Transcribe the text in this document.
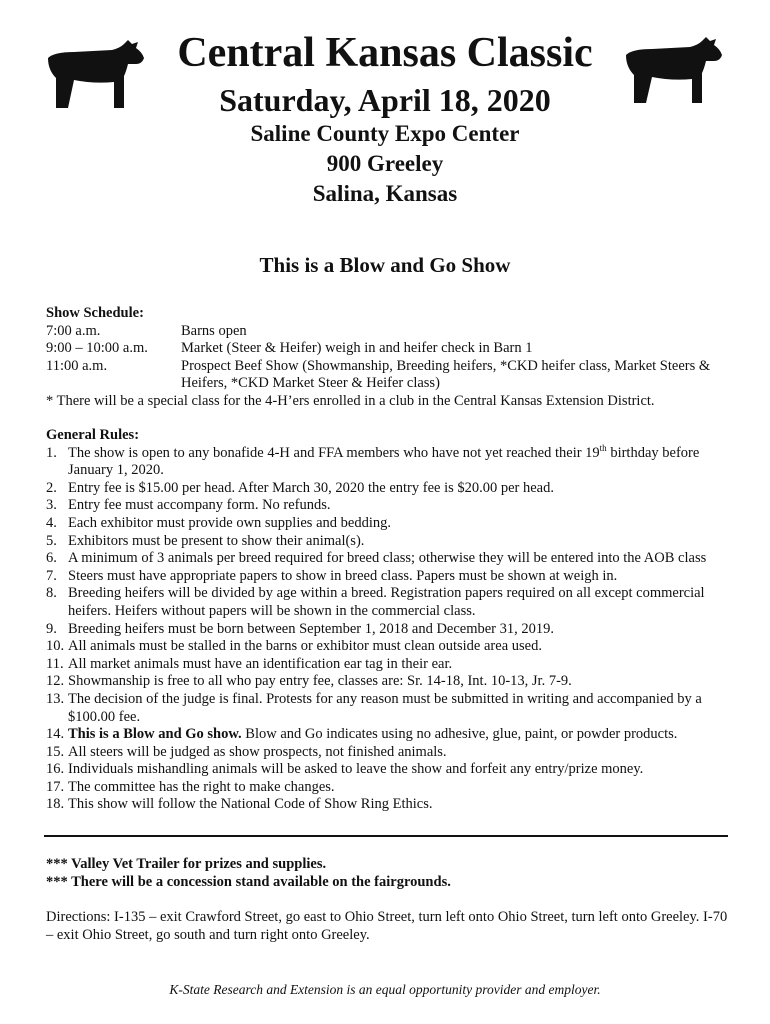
Central Kansas Classic
Saturday, April 18, 2020
Saline County Expo Center
900 Greeley
Salina, Kansas
This is a Blow and Go Show
Show Schedule:
7:00 a.m.	Barns open
9:00 – 10:00 a.m.	Market (Steer & Heifer) weigh in and heifer check in Barn 1
11:00 a.m.	Prospect Beef Show (Showmanship, Breeding heifers, *CKD heifer class, Market Steers & Heifers, *CKD Market Steer & Heifer class)
* There will be a special class for the 4-H’ers enrolled in a club in the Central Kansas Extension District.
General Rules:
1. The show is open to any bonafide 4-H and FFA members who have not yet reached their 19th birthday before January 1, 2020.
2. Entry fee is $15.00 per head. After March 30, 2020 the entry fee is $20.00 per head.
3. Entry fee must accompany form. No refunds.
4. Each exhibitor must provide own supplies and bedding.
5. Exhibitors must be present to show their animal(s).
6. A minimum of 3 animals per breed required for breed class; otherwise they will be entered into the AOB class
7. Steers must have appropriate papers to show in breed class. Papers must be shown at weigh in.
8. Breeding heifers will be divided by age within a breed. Registration papers required on all except commercial heifers. Heifers without papers will be shown in the commercial class.
9. Breeding heifers must be born between September 1, 2018 and December 31, 2019.
10. All animals must be stalled in the barns or exhibitor must clean outside area used.
11. All market animals must have an identification ear tag in their ear.
12. Showmanship is free to all who pay entry fee, classes are: Sr. 14-18, Int. 10-13, Jr. 7-9.
13. The decision of the judge is final. Protests for any reason must be submitted in writing and accompanied by a $100.00 fee.
14. This is a Blow and Go show. Blow and Go indicates using no adhesive, glue, paint, or powder products.
15. All steers will be judged as show prospects, not finished animals.
16. Individuals mishandling animals will be asked to leave the show and forfeit any entry/prize money.
17. The committee has the right to make changes.
18. This show will follow the National Code of Show Ring Ethics.
*** Valley Vet Trailer for prizes and supplies.
*** There will be a concession stand available on the fairgrounds.
Directions: I-135 – exit Crawford Street, go east to Ohio Street, turn left onto Ohio Street, turn left onto Greeley. I-70 – exit Ohio Street, go south and turn right onto Greeley.
K-State Research and Extension is an equal opportunity provider and employer.
